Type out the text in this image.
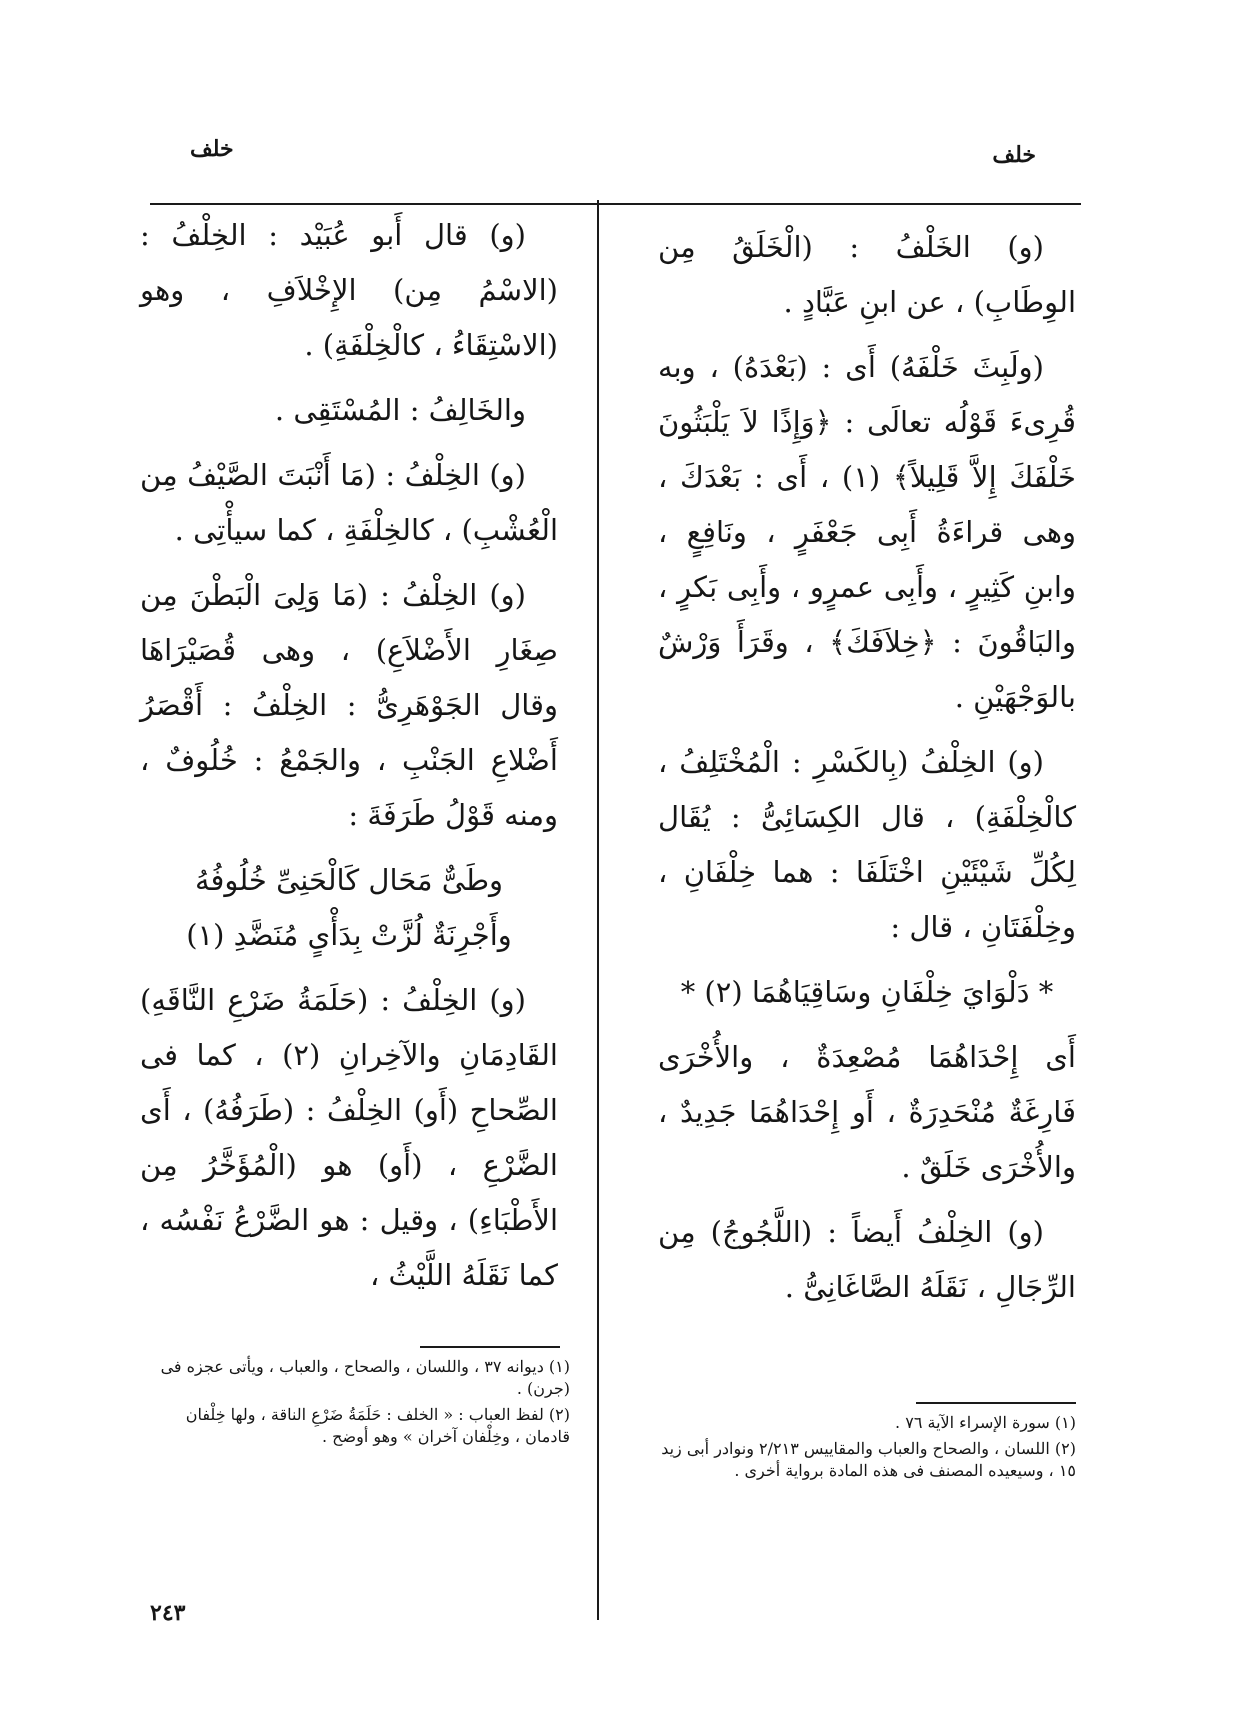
خلف
خلف

(و) الخَلْفُ : (الْخَلَقُ مِن الوِطَابِ) ، عن ابنِ عَبَّادٍ .

(ولَبِثَ خَلْفَهُ) أَى : (بَعْدَهُ) ، وبه قُرِىءَ قَوْلُه تعالَى : ﴿وَإِذًا لاَ يَلْبَثُونَ خَلْفَكَ إِلاَّ قَلِيلاً﴾ (١) ، أَى : بَعْدَكَ ، وهى قراءَةُ أَبِى جَعْفَرٍ ، ونَافِعٍ ، وابنِ كَثِيرٍ ، وأَبِى عمرٍو ، وأَبِى بَكرٍ ، والبَاقُونَ : ﴿خِلاَفَكَ﴾ ، وقَرَأَ وَرْشٌ بالوَجْهَيْنِ .

(و) الخِلْفُ (بِالكَسْرِ : الْمُخْتَلِفُ ، كالْخِلْفَةِ) ، قال الكِسَائِىُّ : يُقَال لِكُلِّ شَيْئَيْنِ اخْتَلَفَا : هما خِلْفَانِ ، وخِلْفَتَانِ ، قال :

* دَلْوَايَ خِلْفَانِ وسَاقِيَاهُمَا (٢) *

أَى إِحْدَاهُمَا مُصْعِدَةٌ ، والأُخْرَى فَارِغَةٌ مُنْحَدِرَةٌ ، أَو إِحْدَاهُمَا جَدِيدٌ ، والأُخْرَى خَلَقٌ .

(و) الخِلْفُ أَيضاً : (اللَّجُوجُ) مِن الرِّجَالِ ، نَقَلَهُ الصَّاغَانِىُّ .

(و) قال أَبو عُبَيْد : الخِلْفُ : (الاسْمُ مِن) الإِخْلاَفِ ، وهو (الاسْتِقَاءُ ، كالْخِلْفَةِ) .

والخَالِفُ : المُسْتَقِى .

(و) الخِلْفُ : (مَا أَنْبَتَ الصَّيْفُ مِن الْعُشْبِ) ، كالخِلْفَةِ ، كما سيأْتِى .

(و) الخِلْفُ : (مَا وَلِىَ الْبَطْنَ مِن صِغَارِ الأَضْلاَعِ) ، وهى قُصَيْرَاهَا وقال الجَوْهَرِىُّ : الخِلْفُ : أَقْصَرُ أَضْلاعِ الجَنْبِ ، والجَمْعُ : خُلُوفٌ ، ومنه قَوْلُ طَرَفَةَ :

وطَىٌّ مَحَال كَالْحَنِىِّ خُلُوفُهُ
وأَجْرِنَةٌ لُزَّتْ بِدَأْىٍ مُنَضَّدِ (١)

(و) الخِلْفُ : (حَلَمَةُ ضَرْعِ النَّاقَهِ) القَادِمَانِ والآخِرانِ (٢) ، كما فى الصِّحاحِ (أَو) الخِلْفُ : (طَرَفُهُ) ، أَى الضَّرْعِ ، (أَو) هو (الْمُؤَخَّرُ مِن الأَطْبَاءِ) ، وقيل : هو الضَّرْعُ نَفْسُه ، كما نَقَلَهُ اللَّيْثُ ،

(١) سورة الإسراء الآية ٧٦ .
(٢) اللسان ، والصحاح والعباب والمقاييس ٢/٢١٣ ونوادر أبى زيد ١٥ ، وسيعيده المصنف فى هذه المادة برواية أخرى .
(١) ديوانه ٣٧ ، واللسان ، والصحاح ، والعباب ، ويأتى عجزه فى (جرن) .
(٢) لفظ العباب : « الخلف : حَلَمَةُ ضَرْعِ الناقة ، ولها خِلْفان قادمان ، وخِلْفان آخران » وهو أوضح .
٢٤٣
